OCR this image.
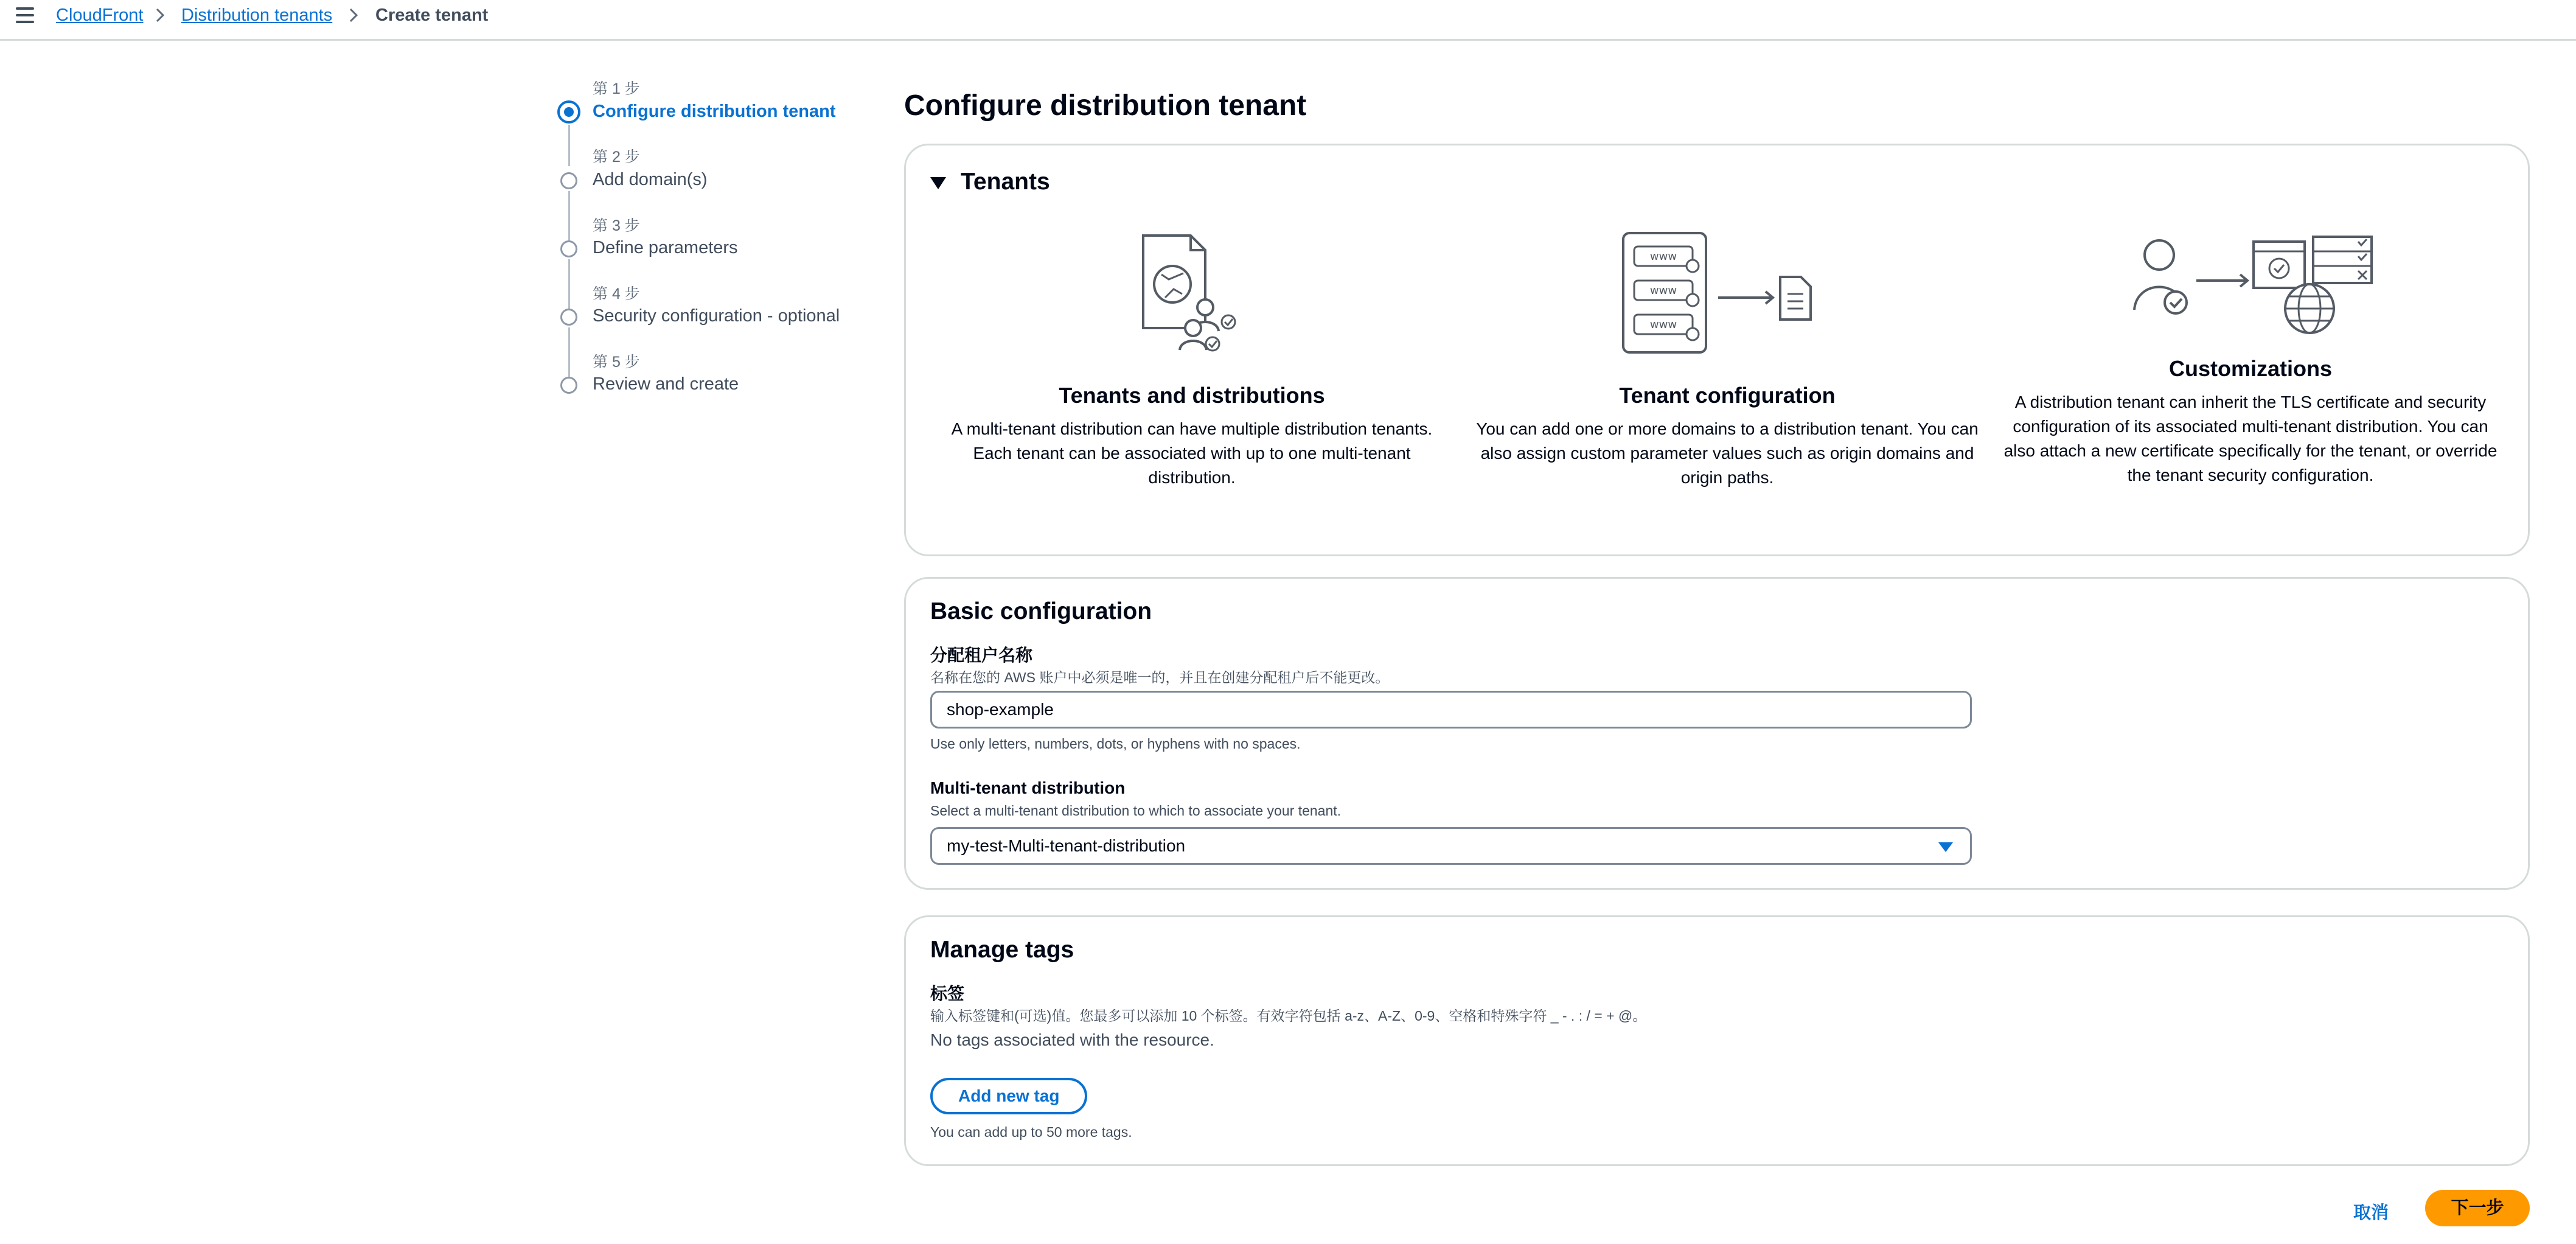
CloudFront Distribution tenants Create tenant
第 1 步
Configure distribution tenant
第 2 步
Add domain(s)
第 3 步
Define parameters
第 4 步
Security configuration - optional
第 5 步
Review and create
Configure distribution tenant
Tenants
Tenants and distributions
A multi-tenant distribution can have multiple distribution tenants. Each tenant can be associated with up to one multi-tenant distribution.
www
www
www
Tenant configuration
You can add one or more domains to a distribution tenant. You can also assign custom parameter values such as origin domains and origin paths.
Customizations
A distribution tenant can inherit the TLS certificate and security configuration of its associated multi-tenant distribution. You can also attach a new certificate specifically for the tenant, or override the tenant security configuration.
Basic configuration
分配租户名称
名称在您的 AWS 账户中必须是唯一的，并且在创建分配租户后不能更改。
shop-example
Use only letters, numbers, dots, or hyphens with no spaces.
Multi-tenant distribution
Select a multi-tenant distribution to which to associate your tenant.
my-test-Multi-tenant-distribution
Manage tags
标签
输入标签键和(可选)值。您最多可以添加 10 个标签。有效字符包括 a-z、A-Z、0-9、空格和特殊字符 _ - . : / = + @。
No tags associated with the resource.
Add new tag
You can add up to 50 more tags.
取消	下一步
